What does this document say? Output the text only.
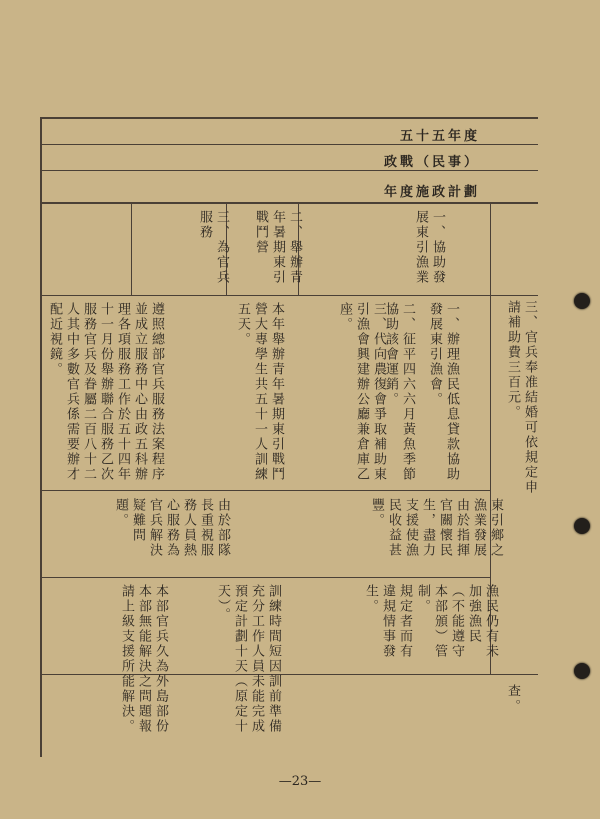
五十五年度
政戰（民事）
年度施政計劃
三、官兵奉准結婚可依規定申請補助費三百元。
一、協助發展東引漁業
二、舉辦青年暑期東引戰鬥營
三、為官兵服務
一、辦理漁民低息貸款協助發展東引漁會。
二、征平四六六月黃魚季節協助該會運銷。
三、代向農復會爭取補助東引漁會興建辦公廳兼倉庫乙座。
本年舉辦青年暑期東引戰鬥營大專學生共五十一人訓練五天。
遵照總部官兵服務法案程序並成立服務中心由政五科辦理各項服務工作於五十四年十一月份舉辦聯合服務乙次服務官兵及眷屬二百八十二人其中多數官兵係需要辦才配近視鏡。
東引鄉之漁業發展由於指揮官關懷民生，盡力支援使漁民收益甚豐。
由於部隊長重視服務人員熱心服務為官兵解決疑難問題。
漁民仍有未加強漁民（不能遵守本部頒）管制。
規定者而有違規情事發生。
訓練時間短因訓前準備充分工作人員未能完成預定計劃十天（原定十天）。
本部官兵久為外島部份本部無能解決之問題報請上級支援所能解決。	查。
—23—
